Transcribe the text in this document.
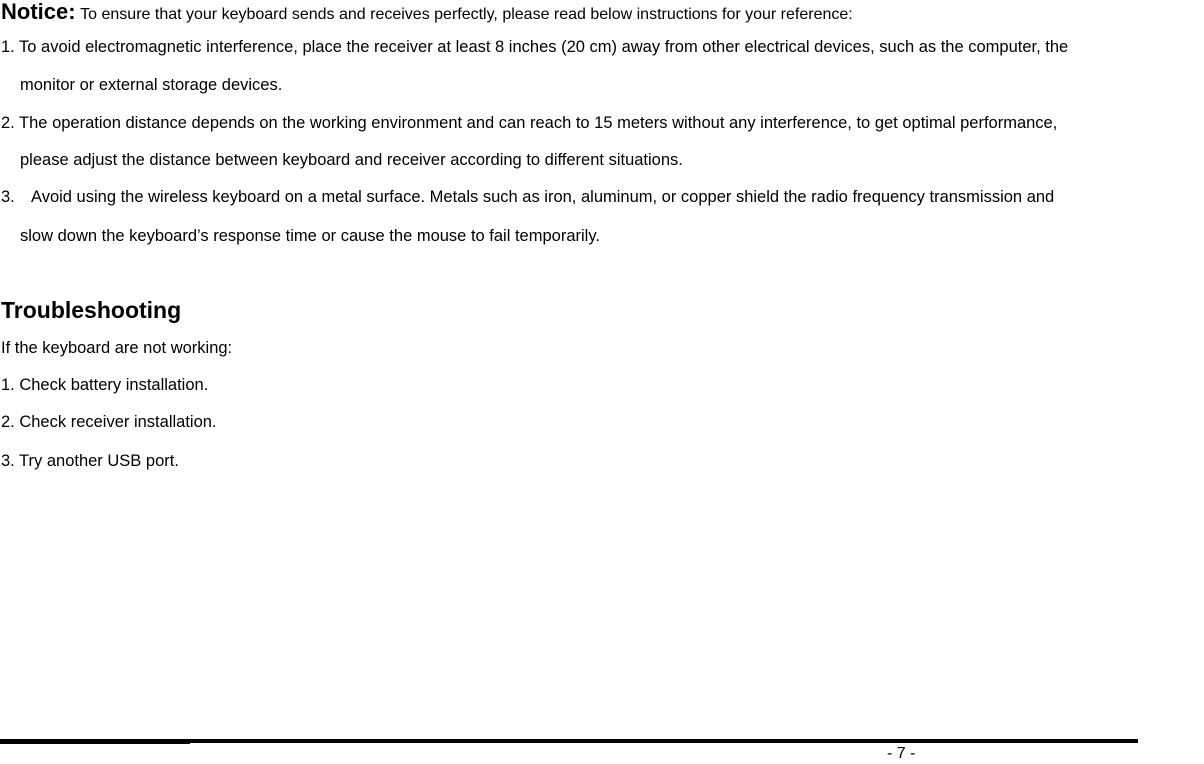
Notice: To ensure that your keyboard sends and receives perfectly, please read below instructions for your reference:
1. To avoid electromagnetic interference, place the receiver at least 8 inches (20 cm) away from other electrical devices, such as the computer, the
monitor or external storage devices.
2. The operation distance depends on the working environment and can reach to 15 meters without any interference, to get optimal performance,
please adjust the distance between keyboard and receiver according to different situations.
3. Avoid using the wireless keyboard on a metal surface. Metals such as iron, aluminum, or copper shield the radio frequency transmission and
slow down the keyboard’s response time or cause the mouse to fail temporarily.
Troubleshooting
If the keyboard are not working:
1. Check battery installation.
2. Check receiver installation.
3. Try another USB port.
- 7 -
